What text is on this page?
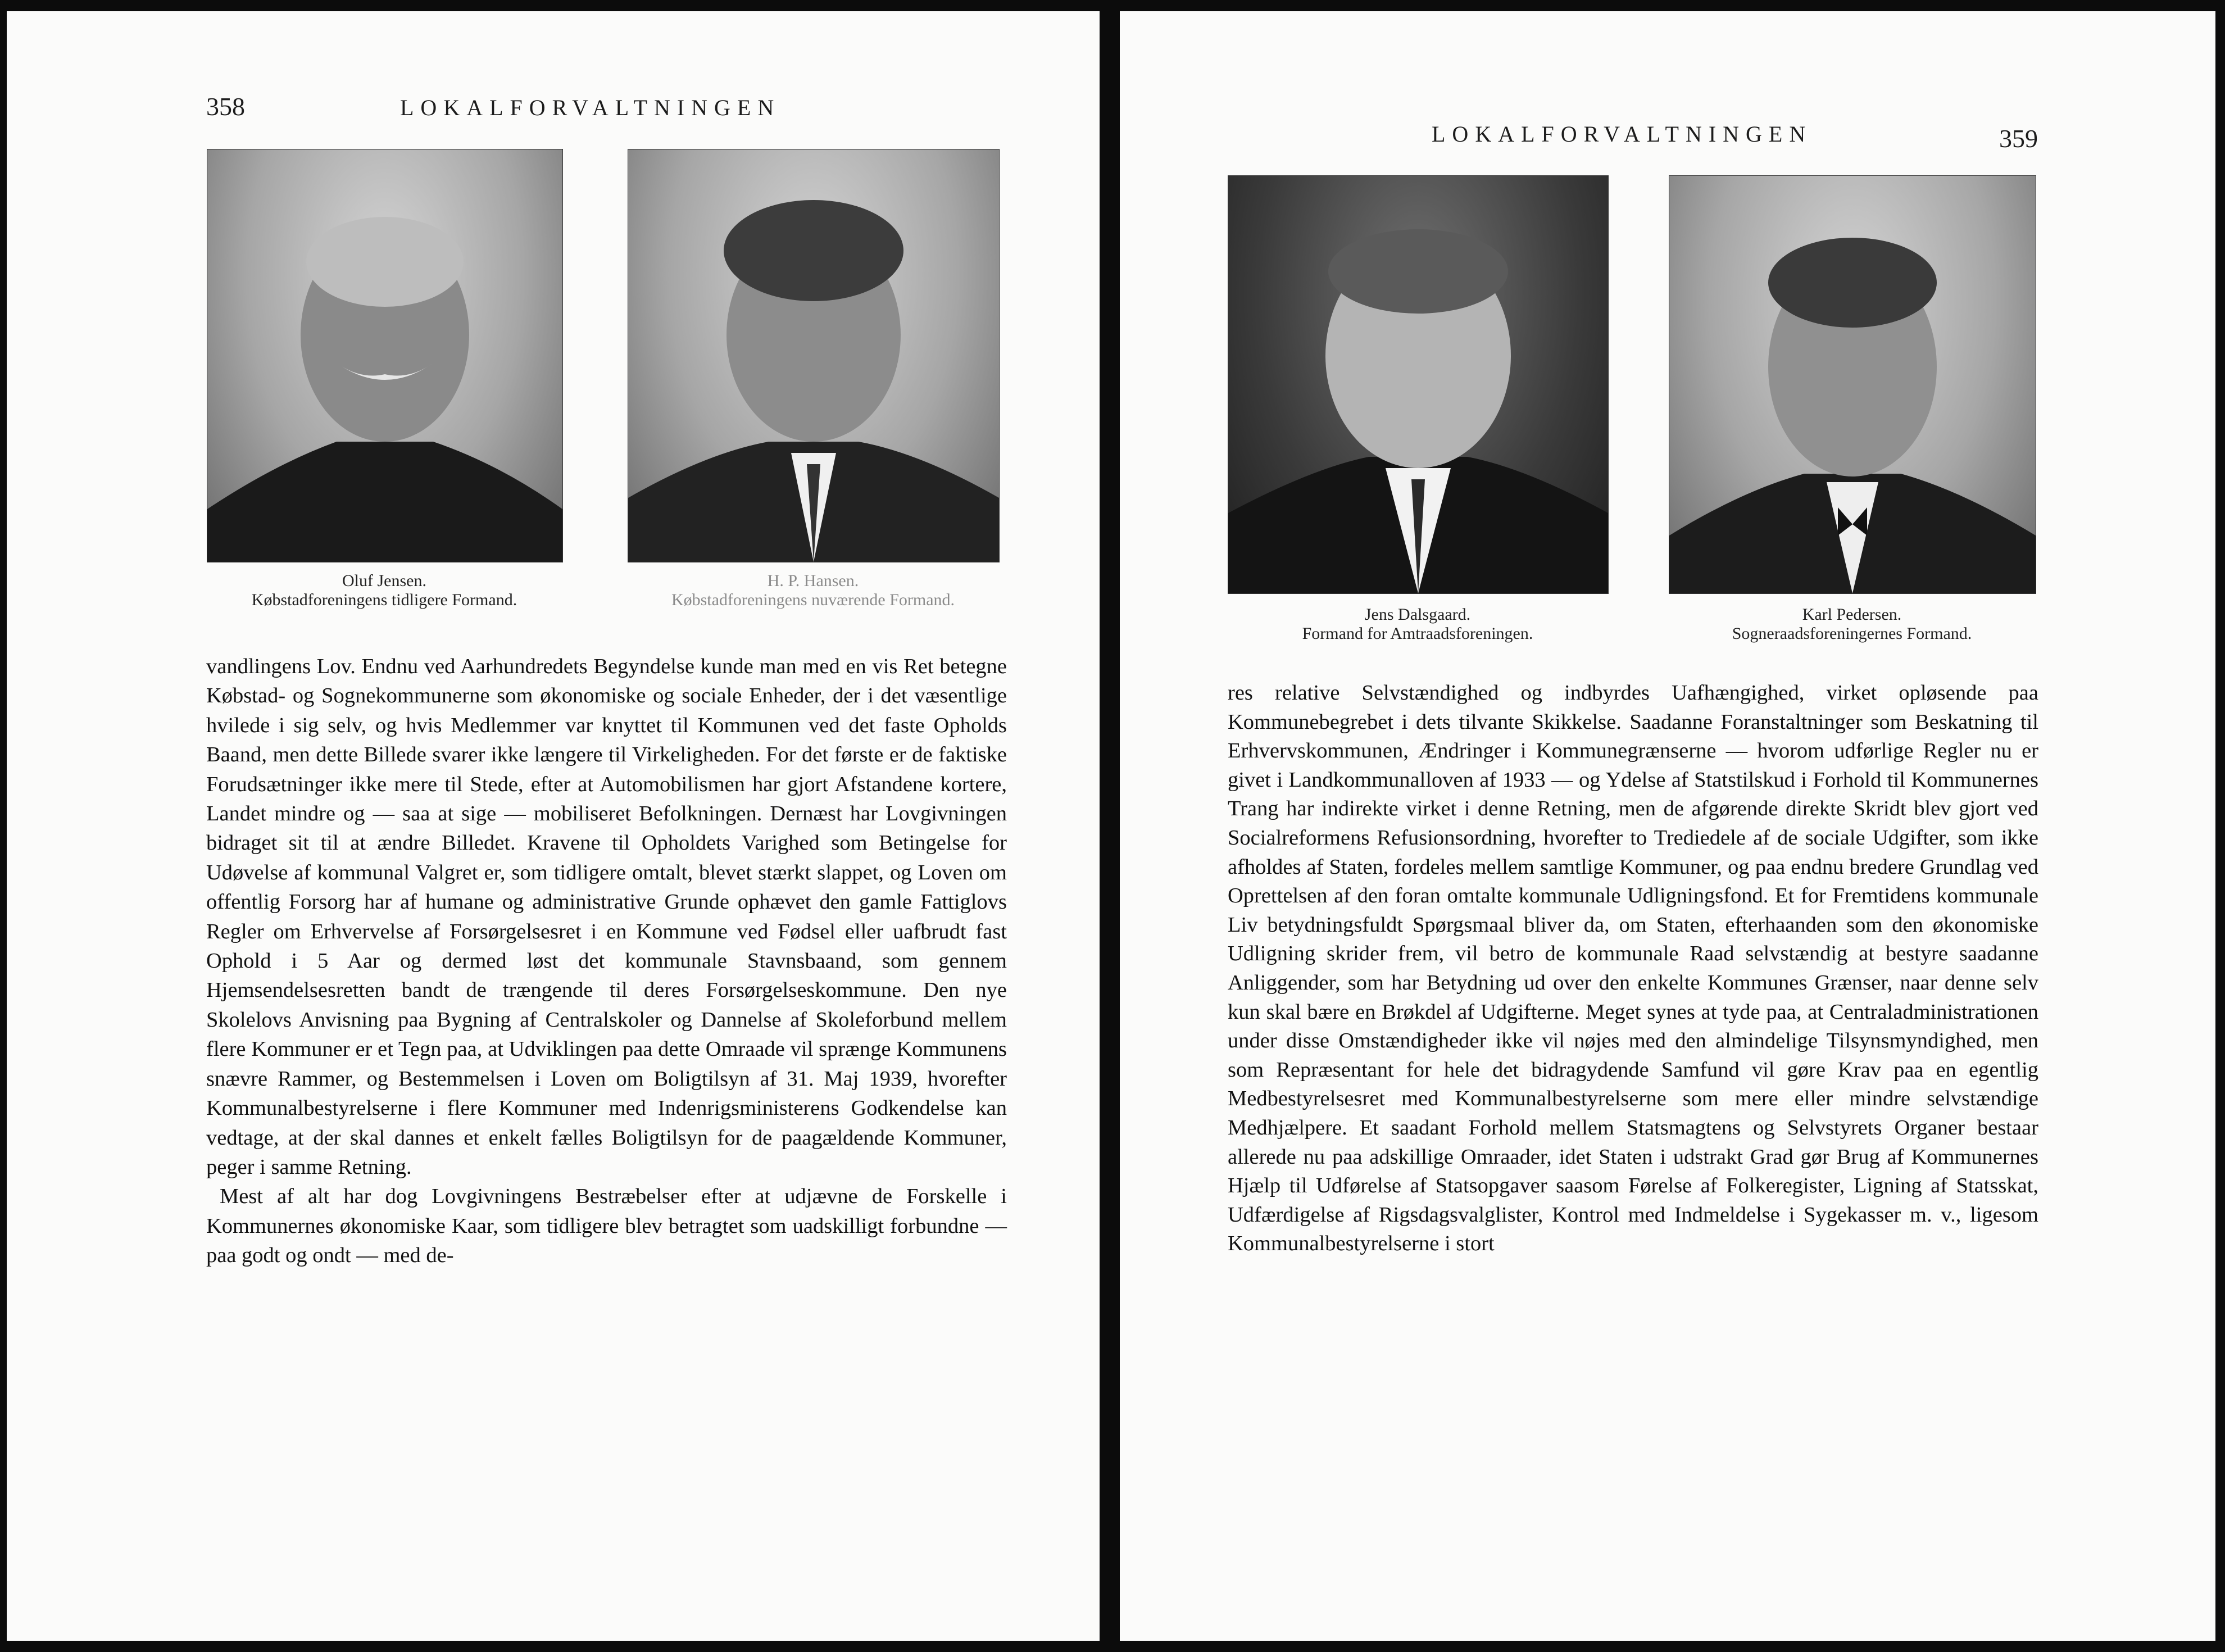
358	LOKALFORVALTNINGEN
Oluf Jensen.
Købstadforeningens tidligere Formand.
H. P. Hansen.
Købstadforeningens nuværende Formand.

vandlingens Lov. Endnu ved Aarhundredets Begyndelse kunde man med en vis Ret betegne Købstad- og Sognekommunerne som økonomiske og sociale Enheder, der i det væsentlige hvilede i sig selv, og hvis Medlemmer var knyttet til Kommunen ved det faste Opholds Baand, men dette Billede svarer ikke længere til Virkeligheden. For det første er de faktiske Forudsætninger ikke mere til Stede, efter at Automobilismen har gjort Afstandene kortere, Landet mindre og — saa at sige — mobiliseret Befolkningen. Dernæst har Lovgivningen bidraget sit til at ændre Billedet. Kravene til Opholdets Varighed som Betingelse for Udøvelse af kommunal Valgret er, som tidligere omtalt, blevet stærkt slappet, og Loven om offentlig Forsorg har af humane og administrative Grunde ophævet den gamle Fattiglovs Regler om Erhvervelse af Forsørgelsesret i en Kommune ved Fødsel eller uafbrudt fast Ophold i 5 Aar og dermed løst det kommunale Stavnsbaand, som gennem Hjemsendelsesretten bandt de trængende til deres Forsørgelseskommune. Den nye Skolelovs Anvisning paa Bygning af Centralskoler og Dannelse af Skoleforbund mellem flere Kommuner er et Tegn paa, at Udviklingen paa dette Omraade vil sprænge Kommunens snævre Rammer, og Bestemmelsen i Loven om Boligtilsyn af 31. Maj 1939, hvorefter Kommunalbestyrelserne i flere Kommuner med Indenrigsministerens Godkendelse kan vedtage, at der skal dannes et enkelt fælles Boligtilsyn for de paagældende Kommuner, peger i samme Retning.

Mest af alt har dog Lovgivningens Bestræbelser efter at udjævne de Forskelle i Kommunernes økonomiske Kaar, som tidligere blev betragtet som uadskilligt forbundne — paa godt og ondt — med de-

LOKALFORVALTNINGEN	359
Jens Dalsgaard.
Formand for Amtraadsforeningen.
Karl Pedersen.
Sogneraadsforeningernes Formand.

res relative Selvstændighed og indbyrdes Uafhængighed, virket opløsende paa Kommunebegrebet i dets tilvante Skikkelse. Saadanne Foranstaltninger som Beskatning til Erhvervskommunen, Ændringer i Kommunegrænserne — hvorom udførlige Regler nu er givet i Landkommunalloven af 1933 — og Ydelse af Statstilskud i Forhold til Kommunernes Trang har indirekte virket i denne Retning, men de afgørende direkte Skridt blev gjort ved Socialreformens Refusionsordning, hvorefter to Trediedele af de sociale Udgifter, som ikke afholdes af Staten, fordeles mellem samtlige Kommuner, og paa endnu bredere Grundlag ved Oprettelsen af den foran omtalte kommunale Udligningsfond. Et for Fremtidens kommunale Liv betydningsfuldt Spørgsmaal bliver da, om Staten, efterhaanden som den økonomiske Udligning skrider frem, vil betro de kommunale Raad selvstændig at bestyre saadanne Anliggender, som har Betydning ud over den enkelte Kommunes Grænser, naar denne selv kun skal bære en Brøkdel af Udgifterne. Meget synes at tyde paa, at Centraladministrationen under disse Omstændigheder ikke vil nøjes med den almindelige Tilsynsmyndighed, men som Repræsentant for hele det bidragydende Samfund vil gøre Krav paa en egentlig Medbestyrelsesret med Kommunalbestyrelserne som mere eller mindre selvstændige Medhjælpere. Et saadant Forhold mellem Statsmagtens og Selvstyrets Organer bestaar allerede nu paa adskillige Omraader, idet Staten i udstrakt Grad gør Brug af Kommunernes Hjælp til Udførelse af Statsopgaver saasom Førelse af Folkeregister, Ligning af Statsskat, Udfærdigelse af Rigsdagsvalglister, Kontrol med Indmeldelse i Sygekasser m. v., ligesom Kommunalbestyrelserne i stort
